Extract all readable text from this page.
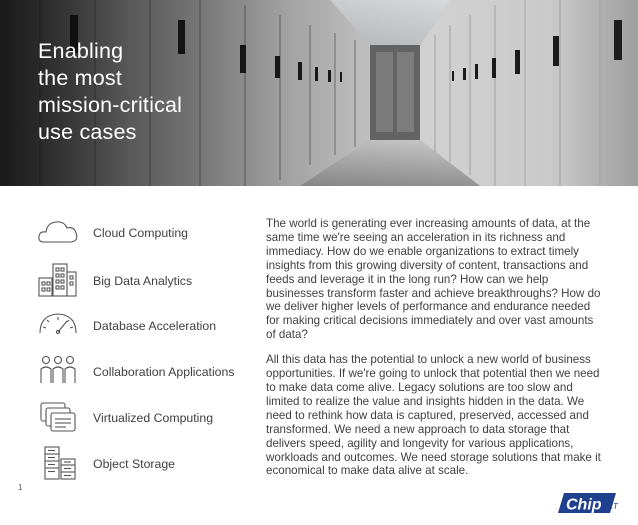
Enabling
the most
mission-critical
use cases
Cloud Computing
Big Data Analytics
Database Acceleration
Collaboration Applications
Virtualized Computing
Object Storage

The world is generating ever increasing amounts of data, at the same time we're seeing an acceleration in its richness and immediacy. How do we enable organizations to extract timely insights from this growing diversity of content, transactions and feeds and leverage it in the long run? How can we help businesses transform faster and achieve breakthroughs? How do we deliver higher levels of performance and endurance needed for making critical decisions immediately and over vast amounts of data?

All this data has the potential to unlock a new world of business opportunities. If we're going to unlock that potential then we need to make data come alive. Legacy solutions are too slow and limited to realize the value and insights hidden in the data. We need to rethink how data is captured, preserved, accessed and transformed. We need a new approach to data storage that delivers speed, agility and longevity for various applications, workloads and outcomes. We need storage solutions that make it economical to make data alive at scale.

1
Chip ICT
